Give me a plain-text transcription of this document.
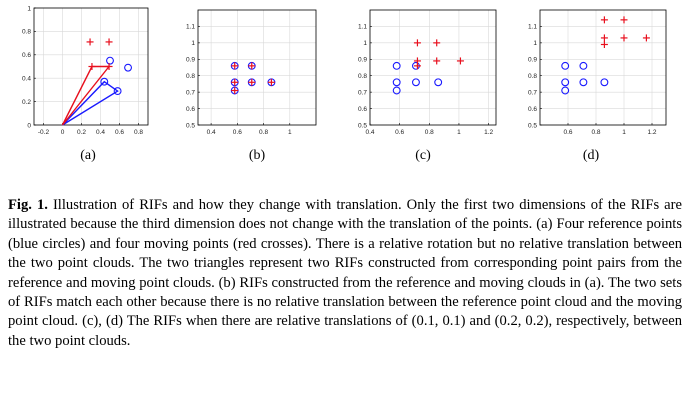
-0.2 0 0.2 0.4 0.6 0.8
0
0.2
0.4
0.6
0.8
1
0.4	0.6	0.8	1
0.5
0.6
0.7
0.8
0.9
1
1.1
0.4	0.6	0.8	1	1.2
0.5
0.6
0.7
0.8
0.9
1
1.1
0.6	0.8	1	1.2
0.5
0.6
0.7
0.8
0.9
1
1.1
(a)	(b)	(c)	(d)
Fig. 1. Illustration of RIFs and how they change with translation. Only the first two dimensions of the RIFs are illustrated because the third dimension does not change with the translation of the points. (a) Four reference points (blue circles) and four moving points (red crosses). There is a relative rotation but no relative translation between the two point clouds. The two triangles represent two RIFs constructed from corresponding point pairs from the reference and moving point clouds. (b) RIFs constructed from the reference and moving clouds in (a). The two sets of RIFs match each other because there is no relative translation between the reference point cloud and the moving point cloud. (c), (d) The RIFs when there are relative translations of (0.1, 0.1) and (0.2, 0.2), respectively, between the two point clouds.
